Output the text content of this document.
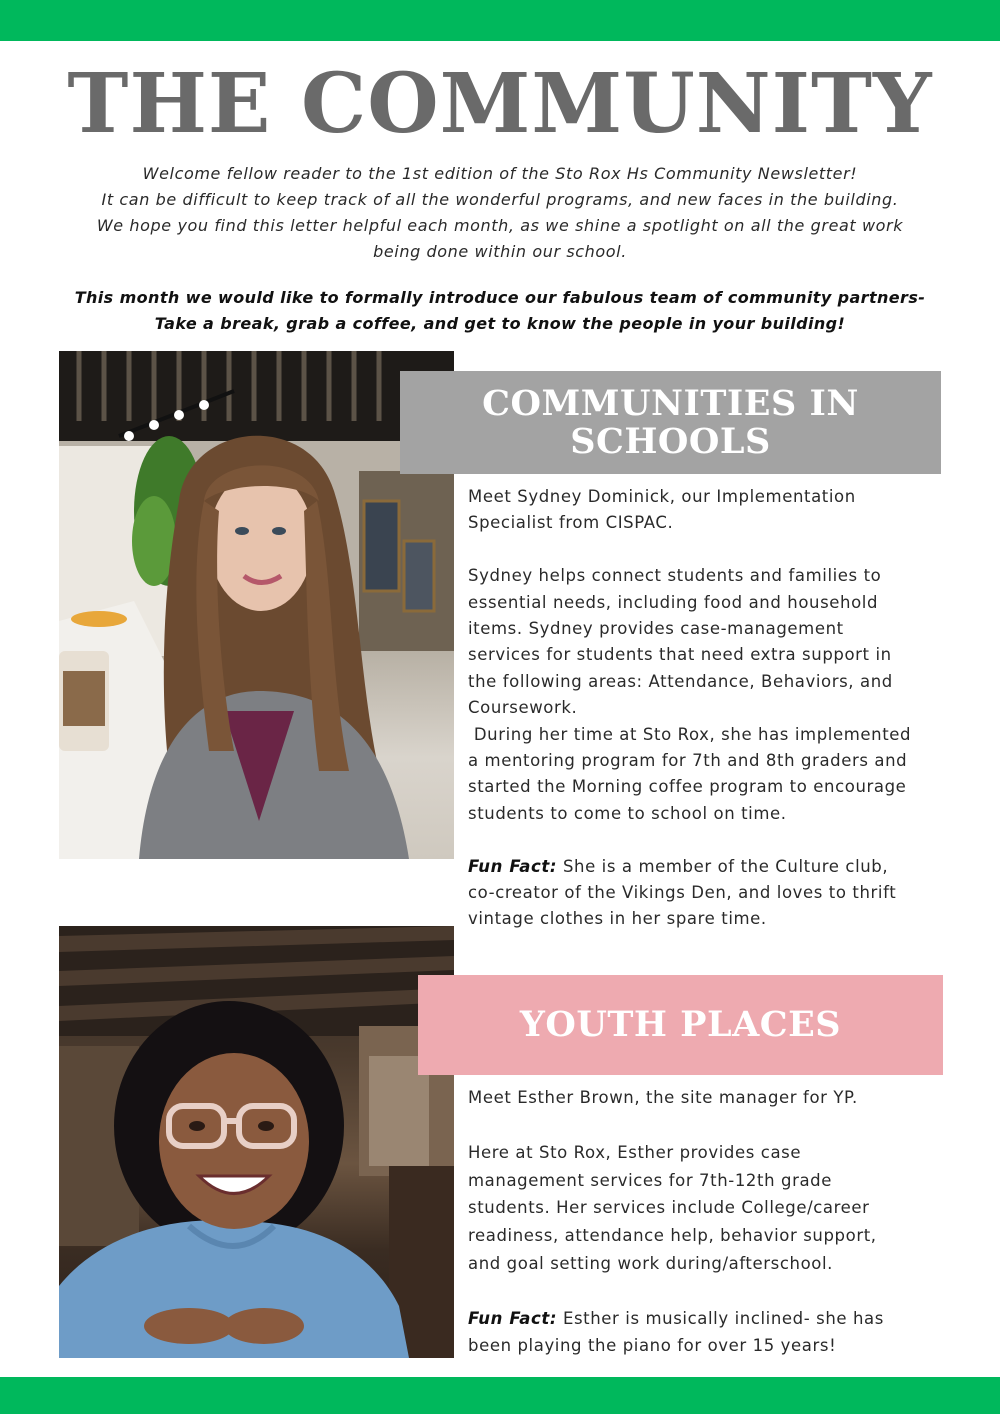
THE COMMUNITY

Welcome fellow reader to the 1st edition of the Sto Rox Hs Community Newsletter!

It can be difficult to keep track of all the wonderful programs, and new faces in the building.

We hope you find this letter helpful each month, as we shine a spotlight on all the great work

being done within our school.

This month we would like to formally introduce our fabulous team of community partners-

Take a break, grab a coffee, and get to know the people in your building!

COMMUNITIES IN
SCHOOLS

Meet Sydney Dominick, our Implementation

Specialist from CISPAC.

Sydney helps connect students and families to

essential needs, including food and household

items. Sydney provides case-management

services for students that need extra support in

the following areas: Attendance, Behaviors, and

Coursework.

During her time at Sto Rox, she has implemented

a mentoring program for 7th and 8th graders and

started the Morning coffee program to encourage

students to come to school on time.

Fun Fact: She is a member of the Culture club,

co-creator of the Vikings Den, and loves to thrift

vintage clothes in her spare time.

YOUTH PLACES

Meet Esther Brown, the site manager for YP.

Here at Sto Rox, Esther provides case

management services for 7th-12th grade

students. Her services include College/career

readiness, attendance help, behavior support,

and goal setting work during/afterschool.

Fun Fact: Esther is musically inclined- she has

been playing the piano for over 15 years!
